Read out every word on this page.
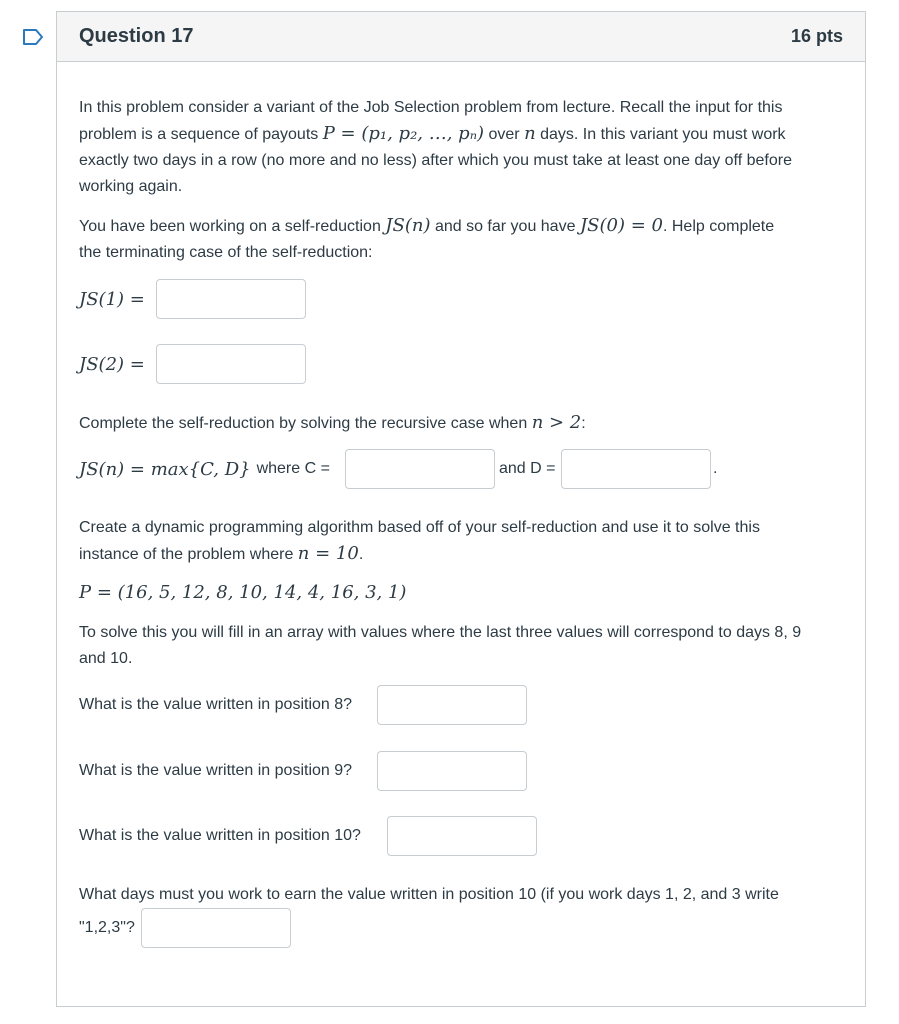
Question 17	16 pts
In this problem consider a variant of the Job Selection problem from lecture. Recall the input for this
problem is a sequence of payouts P = (p₁, p₂, …, pₙ) over n days. In this variant you must work
exactly two days in a row (no more and no less) after which you must take at least one day off before
working again.
You have been working on a self-reduction JS(n) and so far you have JS(0) = 0. Help complete
the terminating case of the self-reduction:
JS(1) =
JS(2) =
Complete the self-reduction by solving the recursive case when n > 2:
JS(n) = max{C, D} where C =	and D =	.
Create a dynamic programming algorithm based off of your self-reduction and use it to solve this
instance of the problem where n = 10.
P = (16, 5, 12, 8, 10, 14, 4, 16, 3, 1)
To solve this you will fill in an array with values where the last three values will correspond to days 8, 9
and 10.
What is the value written in position 8?
What is the value written in position 9?
What is the value written in position 10?
What days must you work to earn the value written in position 10 (if you work days 1, 2, and 3 write
"1,2,3"?
